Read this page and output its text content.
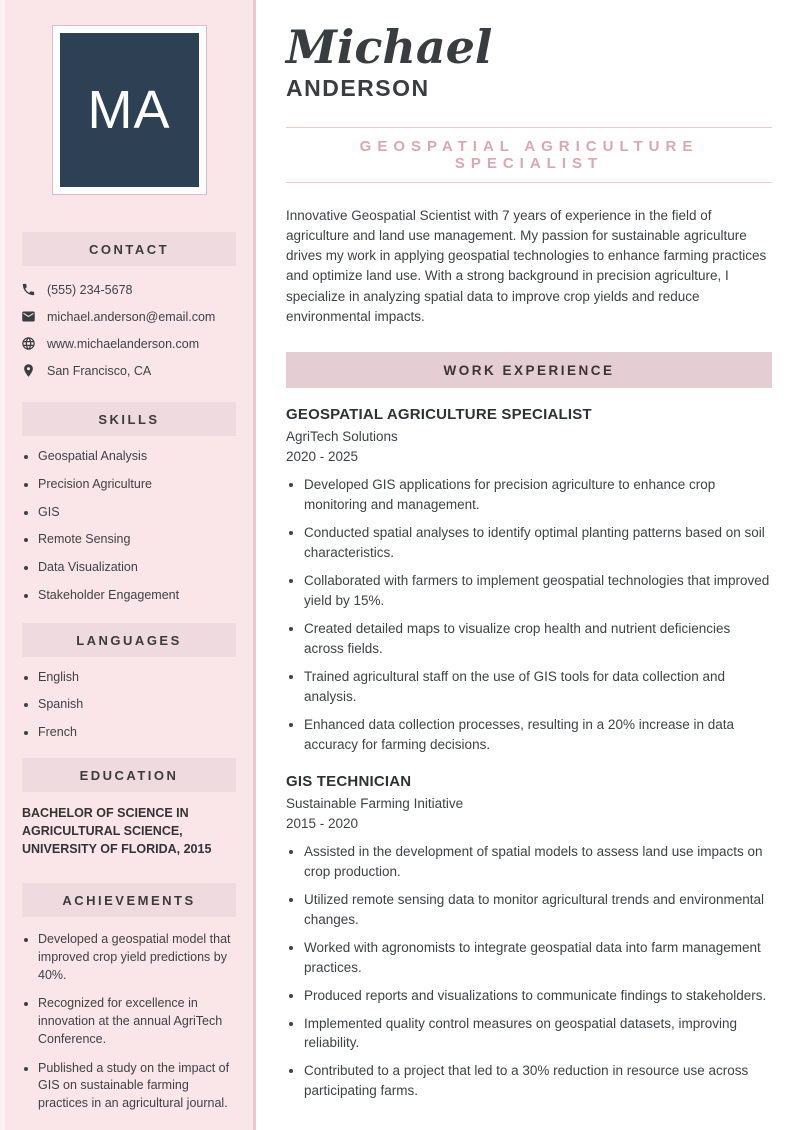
MA
CONTACT
(555) 234-5678
michael.anderson@email.com
www.michaelanderson.com
San Francisco, CA
SKILLS
• Geospatial Analysis
• Precision Agriculture
• GIS
• Remote Sensing
• Data Visualization
• Stakeholder Engagement
LANGUAGES
• English
• Spanish
• French
EDUCATION
BACHELOR OF SCIENCE IN AGRICULTURAL SCIENCE, UNIVERSITY OF FLORIDA, 2015
ACHIEVEMENTS
• Developed a geospatial model that improved crop yield predictions by 40%.
• Recognized for excellence in innovation at the annual AgriTech Conference.
• Published a study on the impact of GIS on sustainable farming practices in an agricultural journal.
Michael
ANDERSON
GEOSPATIAL AGRICULTURE SPECIALIST

Innovative Geospatial Scientist with 7 years of experience in the field of agriculture and land use management. My passion for sustainable agriculture drives my work in applying geospatial technologies to enhance farming practices and optimize land use. With a strong background in precision agriculture, I specialize in analyzing spatial data to improve crop yields and reduce environmental impacts.

WORK EXPERIENCE
GEOSPATIAL AGRICULTURE SPECIALIST
AgriTech Solutions
2020 - 2025
• Developed GIS applications for precision agriculture to enhance crop monitoring and management.
• Conducted spatial analyses to identify optimal planting patterns based on soil characteristics.
• Collaborated with farmers to implement geospatial technologies that improved yield by 15%.
• Created detailed maps to visualize crop health and nutrient deficiencies across fields.
• Trained agricultural staff on the use of GIS tools for data collection and analysis.
• Enhanced data collection processes, resulting in a 20% increase in data accuracy for farming decisions.
GIS TECHNICIAN
Sustainable Farming Initiative
2015 - 2020
• Assisted in the development of spatial models to assess land use impacts on crop production.
• Utilized remote sensing data to monitor agricultural trends and environmental changes.
• Worked with agronomists to integrate geospatial data into farm management practices.
• Produced reports and visualizations to communicate findings to stakeholders.
• Implemented quality control measures on geospatial datasets, improving reliability.
• Contributed to a project that led to a 30% reduction in resource use across participating farms.
